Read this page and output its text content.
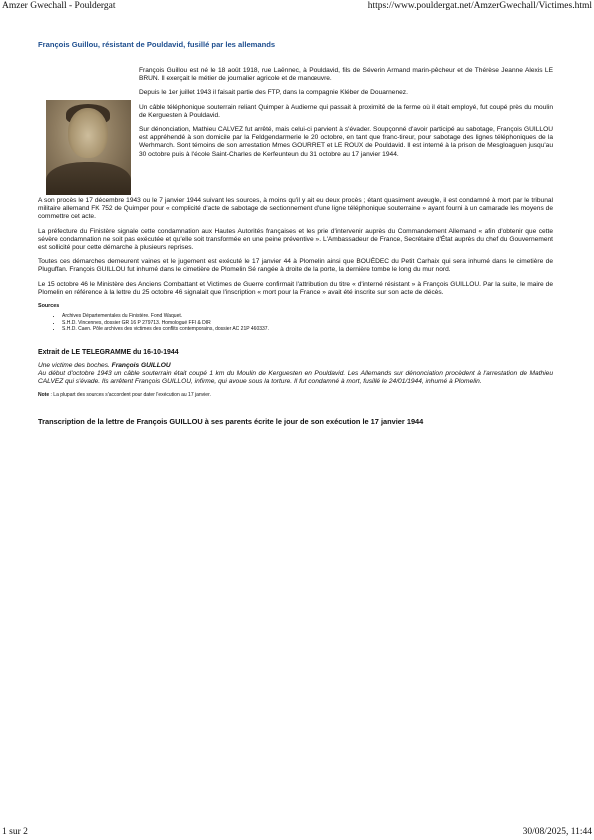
Amzer Gwechall - Pouldergat	https://www.pouldergat.net/AmzerGwechall/Victimes.html
François Guillou, résistant de Pouldavid, fusillé par les allemands

François Guillou est né le 18 août 1918, rue Laënnec, à Pouldavid, fils de Séverin Armand marin-pêcheur et de Thérèse Jeanne Alexis LE BRUN. Il exerçait le métier de journalier agricole et de manœuvre.

Depuis le 1er juillet 1943 il faisait partie des FTP, dans la compagnie Kléber de Douarnenez.

Un câble téléphonique souterrain reliant Quimper à Audierne qui passait à proximité de la ferme où il était employé, fut coupé près du moulin de Kerguesten à Pouldavid.

Sur dénonciation, Mathieu CALVEZ fut arrêté, mais celui-ci parvient à s'évader. Soupçonné d'avoir participé au sabotage, François GUILLOU est appréhendé à son domicile par la Feldgendarmerie le 20 octobre, en tant que franc-tireur, pour sabotage des lignes téléphoniques de la Werhmarch. Sont témoins de son arrestation Mmes GOURRET et LE ROUX de Pouldavid. Il est interné à la prison de Mesgloaguen jusqu'au 30 octobre puis à l'école Saint-Charles de Kerfeunteun du 31 octobre au 17 janvier 1944.

A son procès le 17 décembre 1943 ou le 7 janvier 1944 suivant les sources, à moins qu'il y ait eu deux procès ; étant quasiment aveugle, il est condamné à mort par le tribunal militaire allemand FK 752 de Quimper pour « complicité d'acte de sabotage de sectionnement d'une ligne téléphonique souterraine » ayant fourni à un camarade les moyens de commettre cet acte.

La préfecture du Finistère signale cette condamnation aux Hautes Autorités françaises et les prie d'intervenir auprès du Commandement Allemand « afin d'obtenir que cette sévère condamnation ne soit pas exécutée et qu'elle soit transformée en une peine préventive ». L'Ambassadeur de France, Secrétaire d'État auprès du chef du Gouvernement est sollicité pour cette démarche à plusieurs reprises.

Toutes ces démarches demeurent vaines et le jugement est exécuté le 17 janvier 44 à Plomelin ainsi que BOUËDEC du Petit Carhaix qui sera inhumé dans le cimetière de Pluguffan. François GUILLOU fut inhumé dans le cimetière de Plomelin Sé rangée à droite de la porte, la dernière tombe le long du mur nord.

Le 15 octobre 46 le Ministère des Anciens Combattant et Victimes de Guerre confirmait l'attribution du titre « d'interné résistant » à François GUILLOU. Par la suite, le maire de Plomelin en référence à la lettre du 25 octobre 46 signalait que l'inscription « mort pour la France » avait été inscrite sur son acte de décès.

Sources
• Archives Départementales du Finistère. Fond Waquet.
• S.H.D. Vincennes, dossier GR 16 P 279713. Homologué FFI & DIR
• S.H.D. Caen. Pôle archives des victimes des conflits contemporains, dossier AC 21P 460337.
Extrait de LE TELEGRAMME du 16-10-1944
Une victime des boches. François GUILLOU
Au début d'octobre 1943 un câble souterrain était coupé 1 km du Moulin de Kerguesten en Pouldavid. Les Allemands sur dénonciation procèdent à l'arrestation de Mathieu CALVEZ qui s'évade. Ils arrêtent François GUILLOU, infirme, qui avoue sous la torture. Il fut condamné à mort, fusillé le 24/01/1944, inhumé à Plomelin.
Note : La plupart des sources s'accordent pour dater l'exécution au 17 janvier.
Transcription de la lettre de François GUILLOU à ses parents écrite le jour de son exécution le 17 janvier 1944
1 sur 2	30/08/2025, 11:44
